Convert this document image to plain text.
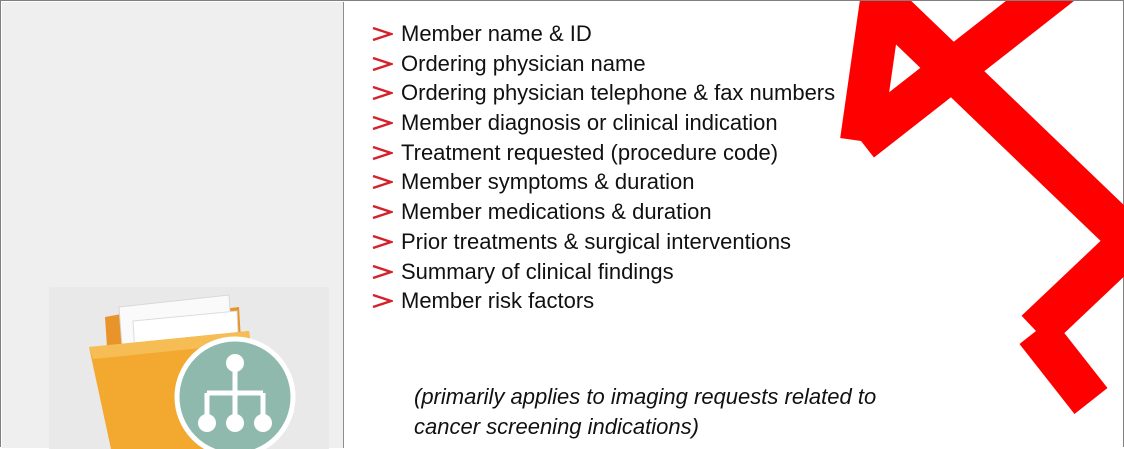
Member name & ID
Ordering physician name
Ordering physician telephone & fax numbers
Member diagnosis or clinical indication
Treatment requested (procedure code)
Member symptoms & duration
Member medications & duration
Prior treatments & surgical interventions
Summary of clinical findings
Member risk factors
(primarily applies to imaging requests related to
cancer screening indications)
